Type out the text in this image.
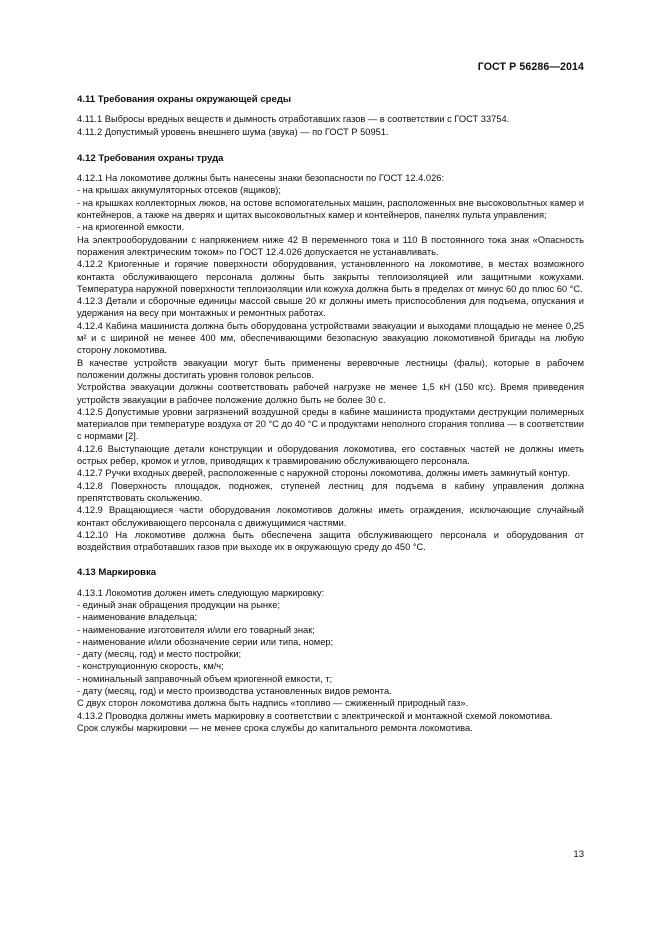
ГОСТ Р 56286—2014
4.11 Требования охраны окружающей среды

4.11.1 Выбросы вредных веществ и дымность отработавших газов — в соответствии с ГОСТ 33754.

4.11.2 Допустимый уровень внешнего шума (звука) — по ГОСТ Р 50951.

4.12 Требования охраны труда

4.12.1 На локомотиве должны быть нанесены знаки безопасности по ГОСТ 12.4.026:

- на крышах аккумуляторных отсеков (ящиков);

- на крышках коллекторных люков, на остове вспомогательных машин, расположенных вне высоковольтных камер и контейнеров, а также на дверях и щитах высоковольтных камер и контейнеров, панелях пульта управления;

- на криогенной емкости.

На электрооборудовании с напряжением ниже 42 В переменного тока и 110 В постоянного тока знак «Опасность поражения электрическим током» по ГОСТ 12.4.026 допускается не устанавливать.

4.12.2 Криогенные и горячие поверхности оборудования, установленного на локомотиве, в местах возможного контакта обслуживающего персонала должны быть закрыты теплоизоляцией или защитными кожухами. Температура наружной поверхности теплоизоляции или кожуха должна быть в пределах от минус 60 до плюс 60 °С.

4.12.3 Детали и сборочные единицы массой свыше 20 кг должны иметь приспособления для подъема, опускания и удержания на весу при монтажных и ремонтных работах.

4.12.4 Кабина машиниста должна быть оборудована устройствами эвакуации и выходами площадью не менее 0,25 м² и с шириной не менее 400 мм, обеспечивающими безопасную эвакуацию локомотивной бригады на любую сторону локомотива.

В качестве устройств эвакуации могут быть применены веревочные лестницы (фалы), которые в рабочем положении должны достигать уровня головок рельсов.

Устройства эвакуации должны соответствовать рабочей нагрузке не менее 1,5 кН (150 кгс). Время приведения устройств эвакуации в рабочее положение должно быть не более 30 с.

4.12.5 Допустимые уровни загрязнений воздушной среды в кабине машиниста продуктами деструкции полимерных материалов при температуре воздуха от 20 °С до 40 °С и продуктами неполного сгорания топлива — в соответствии с нормами [2].

4.12.6 Выступающие детали конструкции и оборудования локомотива, его составных частей не должны иметь острых ребер, кромок и углов, приводящих к травмированию обслуживающего персонала.

4.12.7 Ручки входных дверей, расположенные с наружной стороны локомотива, должны иметь замкнутый контур.

4.12.8 Поверхность площадок, подножек, ступеней лестниц для подъема в кабину управления должна препятствовать скольжению.

4.12.9 Вращающиеся части оборудования локомотивов должны иметь ограждения, исключающие случайный контакт обслуживающего персонала с движущимися частями.

4.12.10 На локомотиве должна быть обеспечена защита обслуживающего персонала и оборудования от воздействия отработавших газов при выходе их в окружающую среду до 450 °С.

4.13 Маркировка

4.13.1 Локомотив должен иметь следующую маркировку:

- единый знак обращения продукции на рынке;

- наименование владельца;

- наименование изготовителя и/или его товарный знак;

- наименование и/или обозначение серии или типа, номер;

- дату (месяц, год) и место постройки;

- конструкционную скорость, км/ч;

- номинальный заправочный объем криогенной емкости, т;

- дату (месяц, год) и место производства установленных видов ремонта.

С двух сторон локомотива должна быть надпись «топливо — сжиженный природный газ».

4.13.2 Проводка должны иметь маркировку в соответствии с электрической и монтажной схемой локомотива.

Срок службы маркировки — не менее срока службы до капитального ремонта локомотива.

13
